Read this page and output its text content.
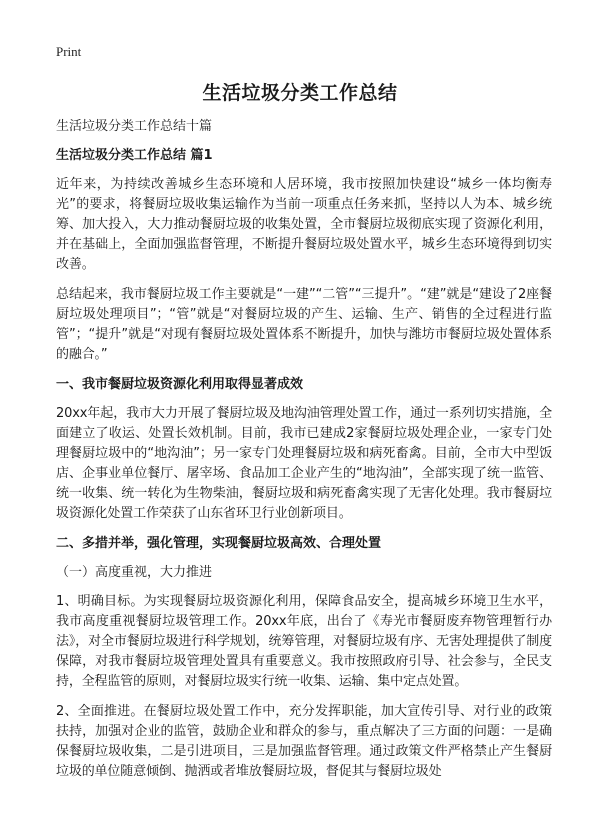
Print
生活垃圾分类工作总结
生活垃圾分类工作总结十篇
生活垃圾分类工作总结 篇1

近年来，为持续改善城乡生态环境和人居环境，我市按照加快建设“城乡一体均衡寿光”的要求，将餐厨垃圾收集运输作为当前一项重点任务来抓，坚持以人为本、城乡统筹、加大投入，大力推动餐厨垃圾的收集处置，全市餐厨垃圾彻底实现了资源化利用，并在基础上，全面加强监督管理，不断提升餐厨垃圾处置水平，城乡生态环境得到切实改善。

总结起来，我市餐厨垃圾工作主要就是“一建”“二管”“三提升”。“建”就是“建设了2座餐厨垃圾处理项目”；“管”就是“对餐厨垃圾的产生、运输、生产、销售的全过程进行监管”；“提升”就是“对现有餐厨垃圾处置体系不断提升，加快与潍坊市餐厨垃圾处置体系的融合。”

一、我市餐厨垃圾资源化利用取得显著成效

20xx年起，我市大力开展了餐厨垃圾及地沟油管理处置工作，通过一系列切实措施，全面建立了收运、处置长效机制。目前，我市已建成2家餐厨垃圾处理企业，一家专门处理餐厨垃圾中的“地沟油”；另一家专门处理餐厨垃圾和病死畜禽。目前，全市大中型饭店、企事业单位餐厅、屠宰场、食品加工企业产生的“地沟油”，全部实现了统一监管、统一收集、统一转化为生物柴油，餐厨垃圾和病死畜禽实现了无害化处理。我市餐厨垃圾资源化处置工作荣获了山东省环卫行业创新项目。

二、多措并举，强化管理，实现餐厨垃圾高效、合理处置
（一）高度重视，大力推进

1、明确目标。为实现餐厨垃圾资源化利用，保障食品安全，提高城乡环境卫生水平，我市高度重视餐厨垃圾管理工作。20xx年底，出台了《寿光市餐厨废弃物管理暂行办法》，对全市餐厨垃圾进行科学规划，统筹管理，对餐厨垃圾有序、无害处理提供了制度保障，对我市餐厨垃圾管理处置具有重要意义。我市按照政府引导、社会参与，全民支持，全程监管的原则，对餐厨垃圾实行统一收集、运输、集中定点处置。

2、全面推进。在餐厨垃圾处置工作中，充分发挥职能，加大宣传引导、对行业的政策扶持，加强对企业的监管，鼓励企业和群众的参与，重点解决了三方面的问题：一是确保餐厨垃圾收集，二是引进项目，三是加强监督管理。通过政策文件严格禁止产生餐厨垃圾的单位随意倾倒、抛洒或者堆放餐厨垃圾，督促其与餐厨垃圾处
